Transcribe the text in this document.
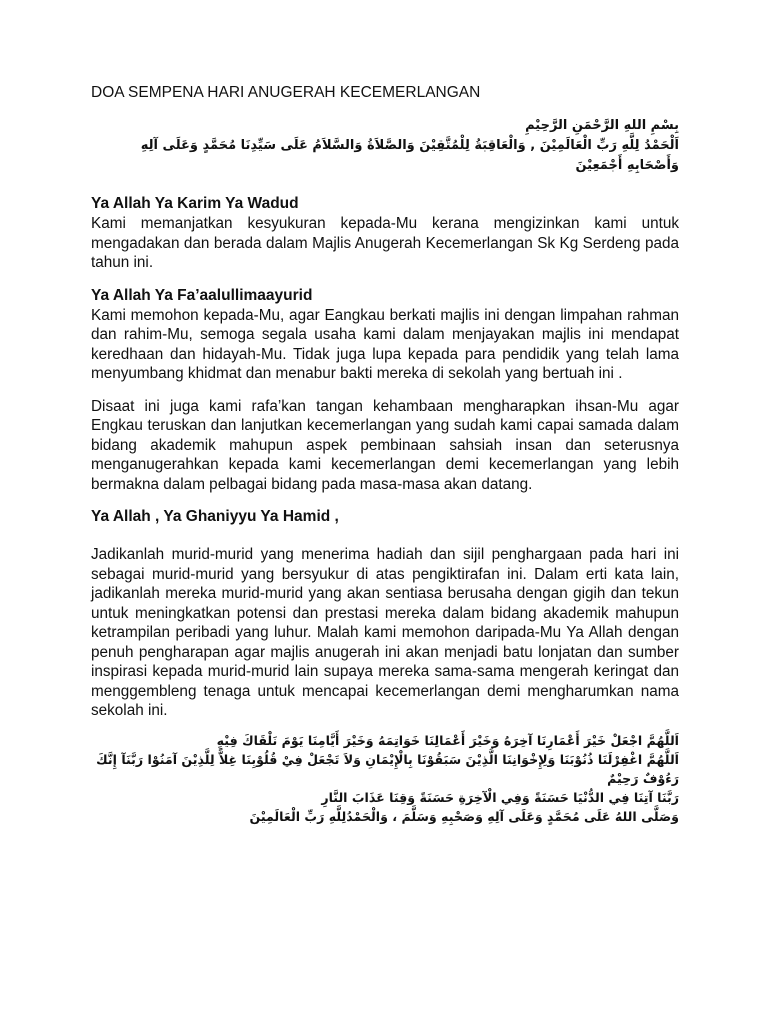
DOA SEMPENA HARI ANUGERAH KECEMERLANGAN
بِسْمِ اللهِ الرَّحْمَنِ الرَّحِيْمِ
اَلْحَمْدُ لِلَّهِ رَبِّ الْعَالَمِيْنَ , وَالْعَاقِبَةُ لِلْمُتَّقِيْنَ وَالصَّلاَةُ وَالسَّلاَمُ عَلَى سَيِّدِنَا مُحَمَّدٍ وَعَلَى آلِهِ
وَأَصْحَابِهِ أَجْمَعِيْنَ
Ya Allah Ya Karim Ya Wadud

Kami memanjatkan kesyukuran kepada-Mu kerana mengizinkan kami untuk mengadakan dan berada dalam Majlis Anugerah Kecemerlangan Sk Kg Serdeng pada tahun ini.

Ya Allah Ya Fa’aalullimaayurid

Kami memohon kepada-Mu, agar Eangkau berkati majlis ini dengan limpahan rahman dan rahim-Mu, semoga segala usaha kami dalam menjayakan majlis ini mendapat keredhaan dan hidayah-Mu. Tidak juga lupa kepada para pendidik yang telah lama menyumbang khidmat dan menabur bakti mereka di sekolah yang bertuah ini .

Disaat ini juga kami rafa’kan tangan kehambaan mengharapkan ihsan-Mu agar Engkau teruskan dan lanjutkan kecemerlangan yang sudah kami capai samada dalam bidang akademik mahupun aspek pembinaan sahsiah insan dan seterusnya menganugerahkan kepada kami kecemerlangan demi kecemerlangan yang lebih bermakna dalam pelbagai bidang pada masa-masa akan datang.

Ya Allah , Ya Ghaniyyu Ya Hamid ,

Jadikanlah murid-murid yang menerima hadiah dan sijil penghargaan pada hari ini sebagai murid-murid yang bersyukur di atas pengiktirafan ini. Dalam erti kata lain, jadikanlah mereka murid-murid yang akan sentiasa berusaha dengan gigih dan tekun untuk meningkatkan potensi dan prestasi mereka dalam bidang akademik mahupun ketrampilan peribadi yang luhur. Malah kami memohon daripada-Mu Ya Allah dengan penuh pengharapan agar majlis anugerah ini akan menjadi batu lonjatan dan sumber inspirasi kepada murid-murid lain supaya mereka sama-sama mengerah keringat dan menggembleng tenaga untuk mencapai kecemerlangan demi mengharumkan nama sekolah ini.

اَللَّهُمَّ اجْعَلْ خَيْرَ أَعْمَارِنَا آخِرَهُ وَخَيْرَ أَعْمَالِنَا خَوَاتِمَهُ وَخَيْرَ أَيَّامِنَا يَوْمَ نَلْقَاكَ فِيْهِ
اَللَّهُمَّ اغْفِرْلَنَا ذُنُوْبَنَا وَلِإِخْوَانِنَا الَّذِيْنَ سَبَقُوْنَا بِالْإِيْمَانِ وَلاَ تَجْعَلْ فِيْ قُلُوْبِنَا غِلاًّ لِلَّذِيْنَ آمَنُوْا رَبَّنَآ إِنَّكَ
رَءُوْفٌ رَحِيْمٌ
رَبَّنَا آتِنَا فِي الدُّنْيَا حَسَنَةً وَفِي الْآخِرَةِ حَسَنَةً وَقِنَا عَذَابَ النَّارِ
وَصَلَّى اللهُ عَلَى مُحَمَّدٍ وَعَلَى آلِهِ وَصَحْبِهِ وَسَلَّمَ ، وَالْحَمْدُلِلَّهِ رَبِّ الْعَالَمِيْنَ
